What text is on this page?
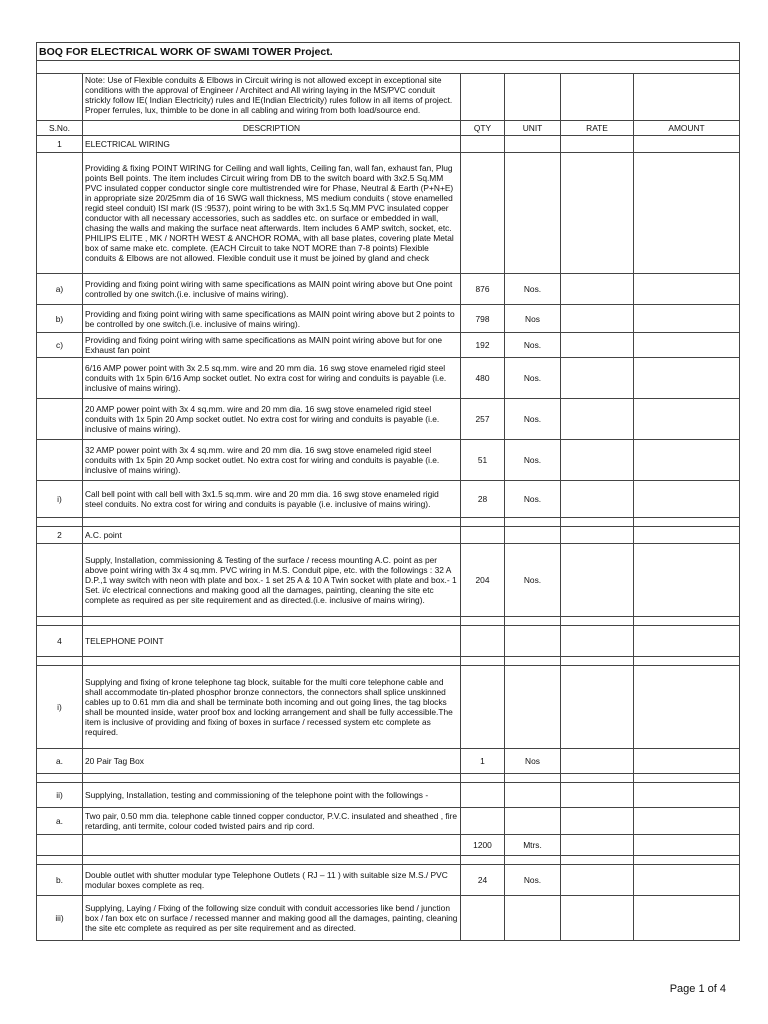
BOQ FOR ELECTRICAL WORK OF SWAMI TOWER Project.					

	Note: Use of Flexible conduits & Elbows in Circuit wiring is not allowed except in exceptional site conditions with the approval of Engineer / Architect and All wiring laying in the MS/PVC conduit strickly follow IE( Indian Electricity) rules and IE(Indian Electricity) rules follow in all items of project. Proper ferrules, lux, thimble to be done in all cabling and wiring from both load/source end.				
S.No.	DESCRIPTION	QTY	UNIT	RATE	AMOUNT
1	ELECTRICAL WIRING				
	Providing & fixing POINT WIRING for Ceiling and wall lights, Ceiling fan, wall fan, exhaust fan, Plug points Bell points. The item includes Circuit wiring from DB to the switch board with 3x2.5 Sq.MM PVC insulated copper conductor single core multistrended wire for Phase, Neutral & Earth (P+N+E) in appropriate size 20/25mm dia of 16 SWG wall thickness, MS medium conduits ( stove enamelled regid steel conduit) ISI mark (IS :9537), point wiring to be with 3x1.5 Sq.MM PVC insulated copper conductor with all necessary accessories, such as saddles etc. on surface or embedded in wall, chasing the walls and making the surface neat afterwards. Item includes 6 AMP switch, socket, etc. PHILIPS ELITE , MK / NORTH WEST & ANCHOR ROMA, with all base plates, covering plate Metal box of same make etc. complete. (EACH Circuit to take NOT MORE than 7-8 points) Flexible conduits & Elbows are not allowed. Flexible conduit use it must be joined by gland and check				
a)	Providing and fixing point wiring with same specifications as MAIN point wiring above but One point controlled by one switch.(i.e. inclusive of mains wiring).	876	Nos.		
b)	Providing and fixing point wiring with same specifications as MAIN point wiring above but 2 points to be controlled by one switch.(i.e. inclusive of mains wiring).	798	Nos		
c)	Providing and fixing point wiring with same specifications as MAIN point wiring above but for one Exhaust fan point	192	Nos.		
	6/16 AMP power point with 3x 2.5 sq.mm. wire and 20 mm dia. 16 swg stove enameled rigid steel conduits with 1x 5pin 6/16 Amp socket outlet. No extra cost for wiring and conduits is payable (i.e. inclusive of mains wiring).	480	Nos.		
	20 AMP power point with 3x 4 sq.mm. wire and 20 mm dia. 16 swg stove enameled rigid steel conduits with 1x 5pin 20 Amp socket outlet. No extra cost for wiring and conduits is payable (i.e. inclusive of mains wiring).	257	Nos.		
	32 AMP power point with 3x 4 sq.mm. wire and 20 mm dia. 16 swg stove enameled rigid steel conduits with 1x 5pin 20 Amp socket outlet. No extra cost for wiring and conduits is payable (i.e. inclusive of mains wiring).	51	Nos.		
i)	Call bell point with call bell with 3x1.5 sq.mm. wire and 20 mm dia. 16 swg stove enameled rigid steel conduits. No extra cost for wiring and conduits is payable (i.e. inclusive of mains wiring).	28	Nos.		

2	A.C. point				
	Supply, Installation, commissioning & Testing of the surface / recess mounting A.C. point as per above point wiring with 3x 4 sq.mm. PVC wiring in M.S. Conduit pipe, etc. with the followings : 32 A D.P.,1 way switch with neon with plate and box.- 1 set 25 A & 10 A Twin socket with plate and box.- 1 Set. i/c electrical connections and making good all the damages, painting, cleaning the site etc complete as required as per site requirement and as directed.(i.e. inclusive of mains wiring).	204	Nos.		

4	TELEPHONE POINT				

i)	Supplying and fixing of krone telephone tag block, suitable for the multi core telephone cable and shall accommodate tin-plated phosphor bronze connectors, the connectors shall splice unskinned cables up to 0.61 mm dia and shall be terminate both incoming and out going lines, the tag blocks shall be mounted inside, water proof box and locking arrangement and shall be fully accessible.The item is inclusive of providing and fixing of boxes in surface / recessed system etc complete as required.				
a.	20 Pair Tag Box	1	Nos		

ii)	Supplying, Installation, testing and commissioning of the telephone point with the followings -				
a.	Two pair, 0.50 mm dia. telephone cable tinned copper conductor, P.V.C. insulated and sheathed , fire retarding, anti termite, colour coded twisted pairs and rip cord.				
		1200	Mtrs.		

b.	Double outlet with shutter modular type Telephone Outlets ( RJ – 11 ) with suitable size M.S./ PVC modular boxes complete as req.	24	Nos.		
iii)	Supplying, Laying / Fixing of the following size conduit with conduit accessories like bend / junction box / fan box etc on surface / recessed manner and making good all the damages, painting, cleaning the site etc complete as required as per site requirement and as directed.				
Page 1 of 4
